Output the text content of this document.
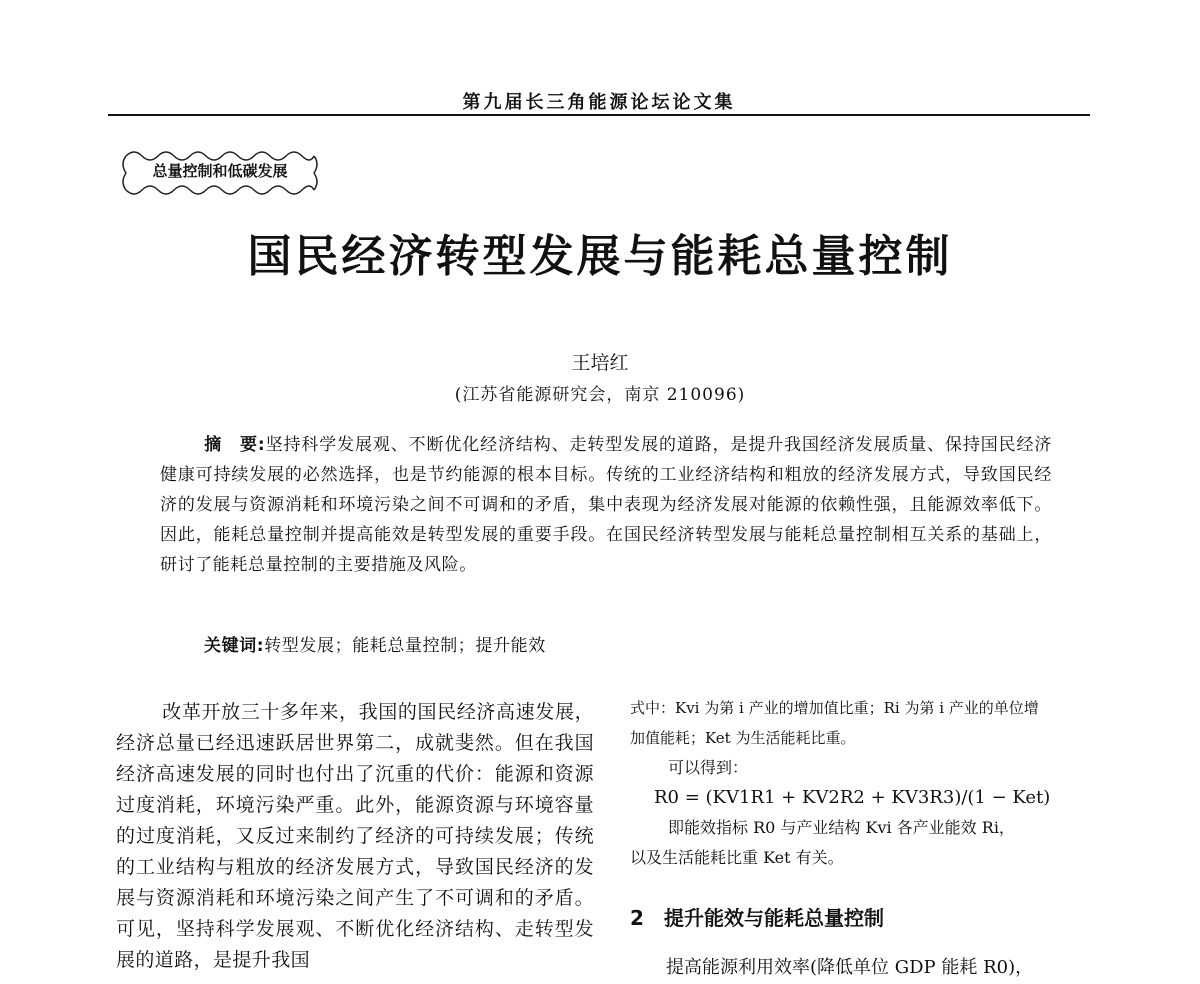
第九届长三角能源论坛论文集
总量控制和低碳发展
国民经济转型发展与能耗总量控制
王培红
(江苏省能源研究会，南京 210096)
摘　要:坚持科学发展观、不断优化经济结构、走转型发展的道路，是提升我国经济发展质量、保持国民经济健康可持续发展的必然选择，也是节约能源的根本目标。传统的工业经济结构和粗放的经济发展方式，导致国民经济的发展与资源消耗和环境污染之间不可调和的矛盾，集中表现为经济发展对能源的依赖性强，且能源效率低下。因此，能耗总量控制并提高能效是转型发展的重要手段。在国民经济转型发展与能耗总量控制相互关系的基础上，研讨了能耗总量控制的主要措施及风险。
关键词:转型发展；能耗总量控制；提升能效
改革开放三十多年来，我国的国民经济高速发展，经济总量已经迅速跃居世界第二，成就斐然。但在我国经济高速发展的同时也付出了沉重的代价：能源和资源过度消耗，环境污染严重。此外，能源资源与环境容量的过度消耗，又反过来制约了经济的可持续发展；传统的工业结构与粗放的经济发展方式，导致国民经济的发展与资源消耗和环境污染之间产生了不可调和的矛盾。可见，坚持科学发展观、不断优化经济结构、走转型发展的道路，是提升我国
式中：Kvi 为第 i 产业的增加值比重；Ri 为第 i 产业的单位增
加值能耗；Ket 为生活能耗比重。
可以得到：
R0 = (KV1R1 + KV2R2 + KV3R3)/(1 − Ket)
即能效指标 R0 与产业结构 Kvi 各产业能效 Ri，
以及生活能耗比重 Ket 有关。
2 提升能效与能耗总量控制
提高能源利用效率(降低单位 GDP 能耗 R0)，
